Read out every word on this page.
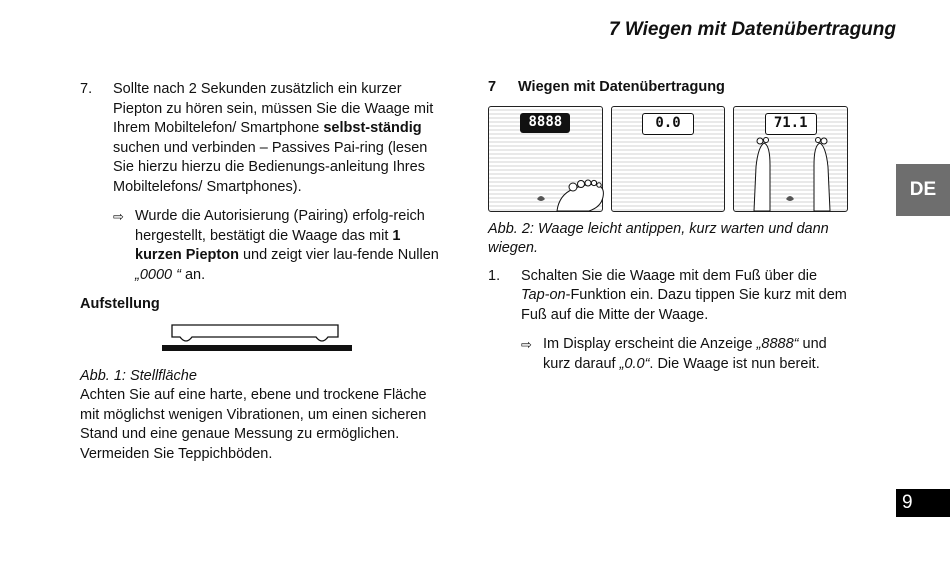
7 Wiegen mit Datenübertragung
DE
9
7.	Sollte nach 2 Sekunden zusätzlich ein kurzer Piepton zu hören sein, müssen Sie die Waage mit Ihrem Mobiltelefon/ Smartphone selbst-ständig suchen und verbinden – Passives Pai-ring (lesen Sie hierzu hierzu die Bedienungs-anleitung Ihres Mobiltelefons/ Smartphones).
⇨ Wurde die Autorisierung (Pairing) erfolg-reich hergestellt, bestätigt die Waage das mit 1 kurzen Piepton und zeigt vier lau-fende Nullen „0000 “ an.
Aufstellung
Abb. 1: Stellfläche
Achten Sie auf eine harte, ebene und trockene Fläche mit möglichst wenigen Vibrationen, um einen sicheren Stand und eine genaue Messung zu ermöglichen. Vermeiden Sie Teppichböden.
7	Wiegen mit Datenübertragung
8888	0.0	71.1
Abb. 2: Waage leicht antippen, kurz warten und dann wiegen.
1.	Schalten Sie die Waage mit dem Fuß über die Tap-on-Funktion ein. Dazu tippen Sie kurz mit dem Fuß auf die Mitte der Waage.
⇨ Im Display erscheint die Anzeige „8888“ und kurz darauf „0.0“. Die Waage ist nun bereit.
